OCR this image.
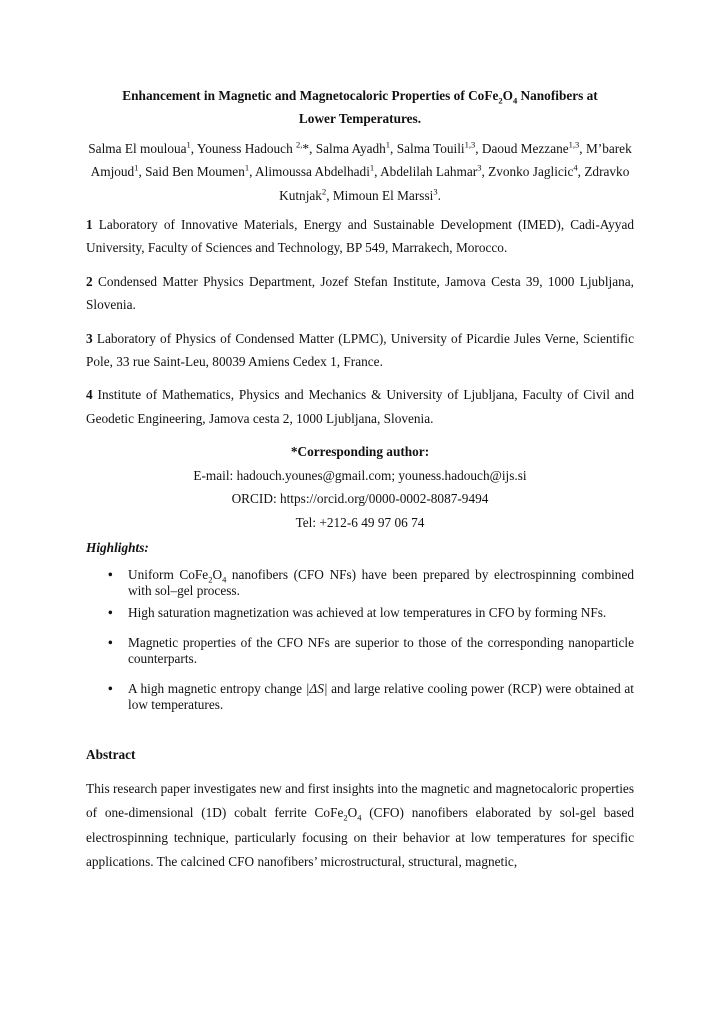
Enhancement in Magnetic and Magnetocaloric Properties of $CoFe_2O_4$ Nanofibers at
Lower Temperatures.
Salma El mouloua$^1$, Youness Hadouch $^{2,}$*, Salma Ayadh$^1$, Salma Touili$^{1,3}$, Daoud Mezzane$^{1,3}$, M’barek Amjoud$^1$, Said Ben Moumen$^1$, Alimoussa Abdelhadi$^1$, Abdelilah Lahmar$^3$, Zvonko Jaglicic$^4$, Zdravko Kutnjak$^2$, Mimoun El Marssi$^3$.

1 Laboratory of Innovative Materials, Energy and Sustainable Development (IMED), Cadi-Ayyad University, Faculty of Sciences and Technology, BP 549, Marrakech, Morocco.

2 Condensed Matter Physics Department, Jozef Stefan Institute, Jamova Cesta 39, 1000 Ljubljana, Slovenia.

3 Laboratory of Physics of Condensed Matter (LPMC), University of Picardie Jules Verne, Scientific Pole, 33 rue Saint-Leu, 80039 Amiens Cedex 1, France.

4 Institute of Mathematics, Physics and Mechanics & University of Ljubljana, Faculty of Civil and Geodetic Engineering, Jamova cesta 2, 1000 Ljubljana, Slovenia.

*Corresponding author:

E-mail: hadouch.younes@gmail.com; youness.hadouch@ijs.si

ORCID: https://orcid.org/0000-0002-8087-9494

Tel: +212-6 49 97 06 74

Highlights:

• Uniform $CoFe_2O_4$ nanofibers (CFO NFs) have been prepared by electrospinning combined with sol–gel process.
• High saturation magnetization was achieved at low temperatures in CFO by forming NFs.
• Magnetic properties of the CFO NFs are superior to those of the corresponding nanoparticle counterparts.
• A high magnetic entropy change |ΔS| and large relative cooling power (RCP) were obtained at low temperatures.

Abstract

This research paper investigates new and first insights into the magnetic and magnetocaloric properties of one-dimensional (1D) cobalt ferrite $CoFe_2O_4$ (CFO) nanofibers elaborated by sol-gel based electrospinning technique, particularly focusing on their behavior at low temperatures for specific applications. The calcined CFO nanofibers’ microstructural, structural, magnetic,
